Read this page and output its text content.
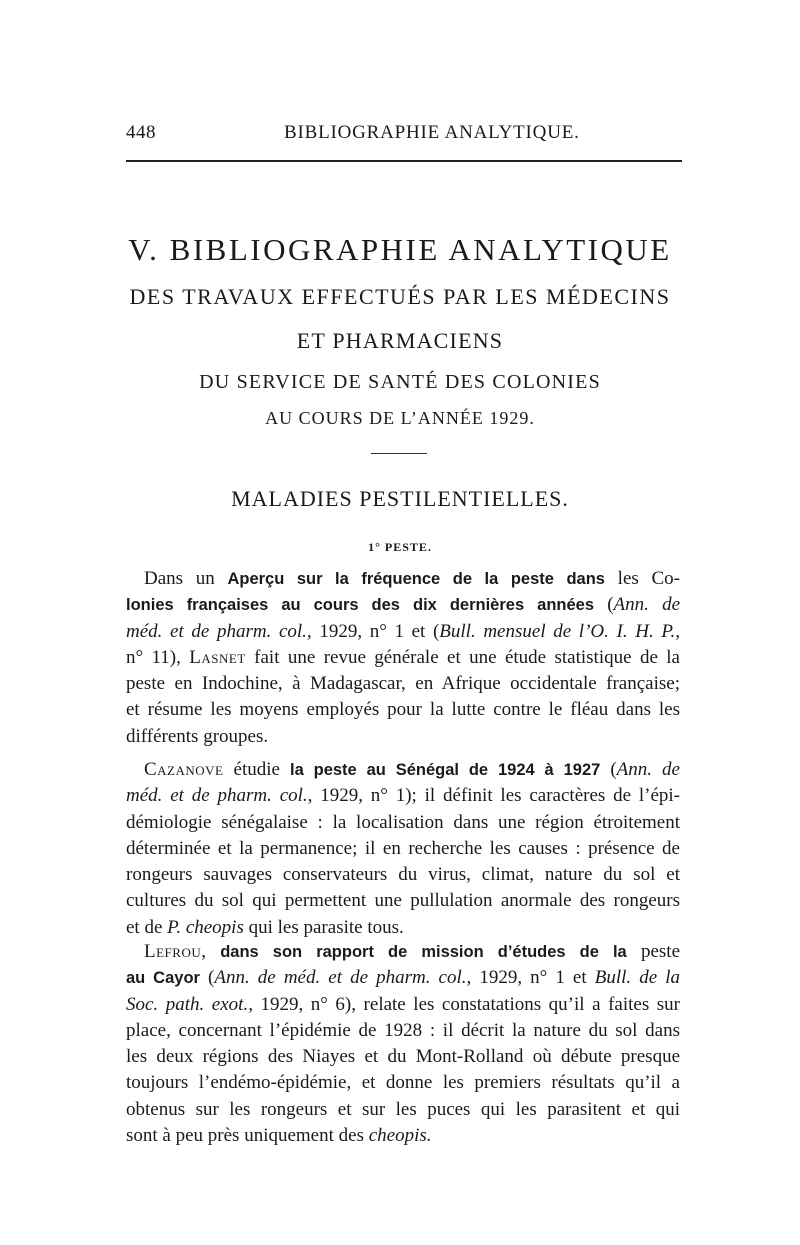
448	BIBLIOGRAPHIE ANALYTIQUE.
V. BIBLIOGRAPHIE ANALYTIQUE
DES TRAVAUX EFFECTUÉS PAR LES MÉDECINS
ET PHARMACIENS
DU SERVICE DE SANTÉ DES COLONIES
AU COURS DE L’ANNÉE 1929.
MALADIES PESTILENTIELLES.
1° PESTE.
Dans un Aperçu sur la fréquence de la peste dans les Co-
lonies françaises au cours des dix dernières années (Ann. de
méd. et de pharm. col., 1929, n° 1 et (Bull. mensuel de l’O. I. H. P.,
n° 11), Lasnet fait une revue générale et une étude statistique de la
peste en Indochine, à Madagascar, en Afrique occidentale française;
et résume les moyens employés pour la lutte contre le fléau dans les
différents groupes.
Cazanove étudie la peste au Sénégal de 1924 à 1927 (Ann. de
méd. et de pharm. col., 1929, n° 1); il définit les caractères de l’épi-
démiologie sénégalaise : la localisation dans une région étroitement
déterminée et la permanence; il en recherche les causes : présence de
rongeurs sauvages conservateurs du virus, climat, nature du sol et
cultures du sol qui permettent une pullulation anormale des rongeurs
et de P. cheopis qui les parasite tous.
Lefrou, dans son rapport de mission d’études de la peste
au Cayor (Ann. de méd. et de pharm. col., 1929, n° 1 et Bull. de la
Soc. path. exot., 1929, n° 6), relate les constatations qu’il a faites sur
place, concernant l’épidémie de 1928 : il décrit la nature du sol dans
les deux régions des Niayes et du Mont-Rolland où débute presque
toujours l’endémo-épidémie, et donne les premiers résultats qu’il a
obtenus sur les rongeurs et sur les puces qui les parasitent et qui
sont à peu près uniquement des cheopis.
